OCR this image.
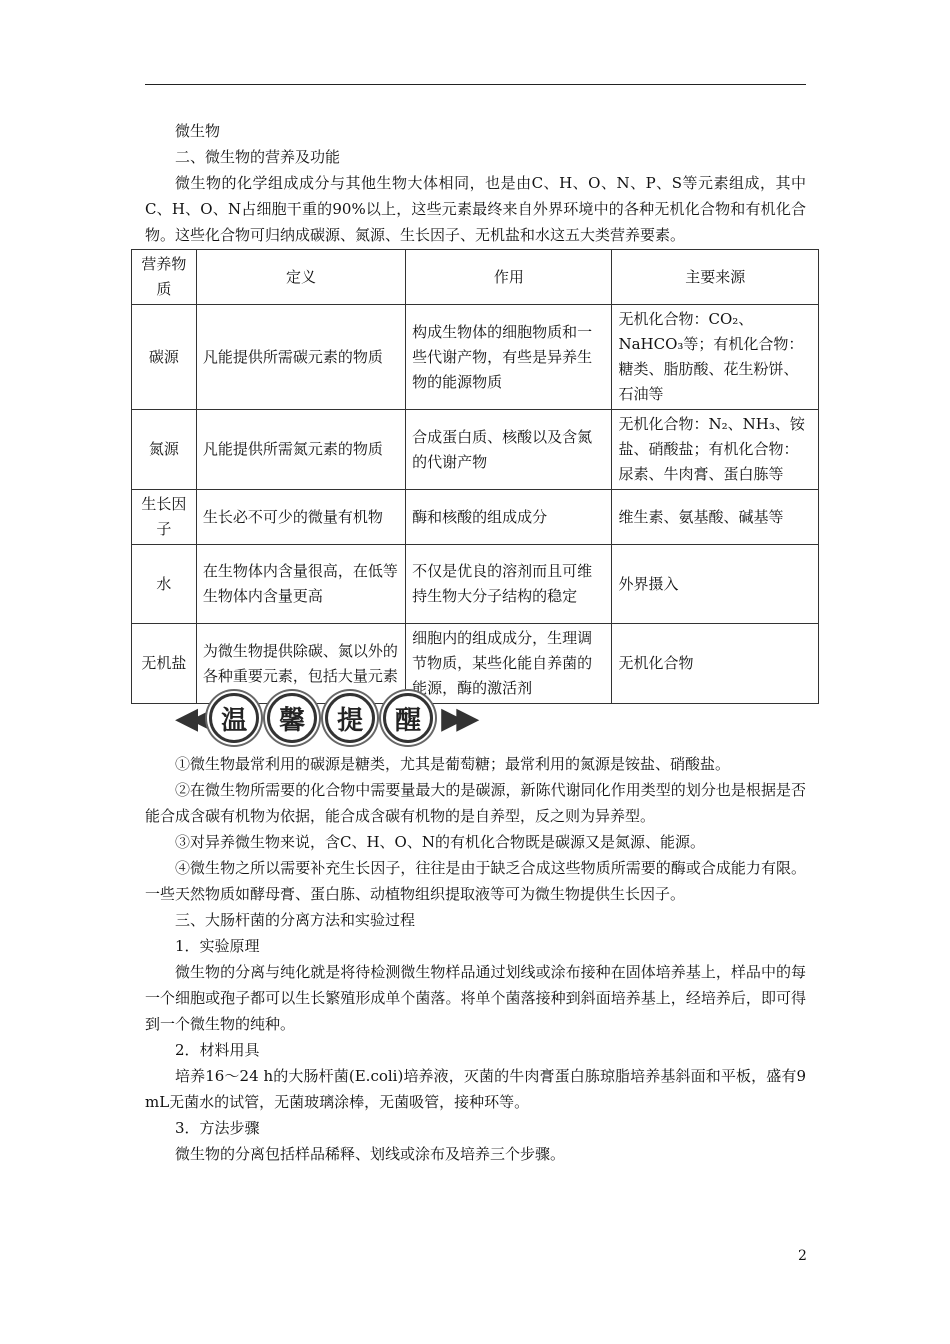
微生物

二、微生物的营养及功能

微生物的化学组成成分与其他生物大体相同，也是由C、H、O、N、P、S等元素组成，其中C、H、O、N占细胞干重的90%以上，这些元素最终来自外界环境中的各种无机化合物和有机化合物。这些化合物可归纳成碳源、氮源、生长因子、无机盐和水这五大类营养要素。

营养物质	定义	作用	主要来源
碳源	凡能提供所需碳元素的物质	构成生物体的细胞物质和一些代谢产物，有些是异养生物的能源物质	无机化合物：CO₂、NaHCO₃等；有机化合物：糖类、脂肪酸、花生粉饼、石油等
氮源	凡能提供所需氮元素的物质	合成蛋白质、核酸以及含氮的代谢产物	无机化合物：N₂、NH₃、铵盐、硝酸盐；有机化合物：尿素、牛肉膏、蛋白胨等
生长因子	生长必不可少的微量有机物	酶和核酸的组成成分	维生素、氨基酸、碱基等
水	在生物体内含量很高，在低等生物体内含量更高	不仅是优良的溶剂而且可维持生物大分子结构的稳定	外界摄入
无机盐	为微生物提供除碳、氮以外的各种重要元素，包括大量元素	细胞内的组成成分，生理调节物质，某些化能自养菌的能源，酶的激活剂	无机化合物
◀◀ 温	馨	提	醒 ▶▶

①微生物最常利用的碳源是糖类，尤其是葡萄糖；最常利用的氮源是铵盐、硝酸盐。

②在微生物所需要的化合物中需要量最大的是碳源，新陈代谢同化作用类型的划分也是根据是否能合成含碳有机物为依据，能合成含碳有机物的是自养型，反之则为异养型。

③对异养微生物来说，含C、H、O、N的有机化合物既是碳源又是氮源、能源。

④微生物之所以需要补充生长因子，往往是由于缺乏合成这些物质所需要的酶或合成能力有限。一些天然物质如酵母膏、蛋白胨、动植物组织提取液等可为微生物提供生长因子。

三、大肠杆菌的分离方法和实验过程

1．实验原理

微生物的分离与纯化就是将待检测微生物样品通过划线或涂布接种在固体培养基上，样品中的每一个细胞或孢子都可以生长繁殖形成单个菌落。将单个菌落接种到斜面培养基上，经培养后，即可得到一个微生物的纯种。

2．材料用具

培养16～24 h的大肠杆菌(E.coli)培养液，灭菌的牛肉膏蛋白胨琼脂培养基斜面和平板，盛有9 mL无菌水的试管，无菌玻璃涂棒，无菌吸管，接种环等。

3．方法步骤

微生物的分离包括样品稀释、划线或涂布及培养三个步骤。

2
